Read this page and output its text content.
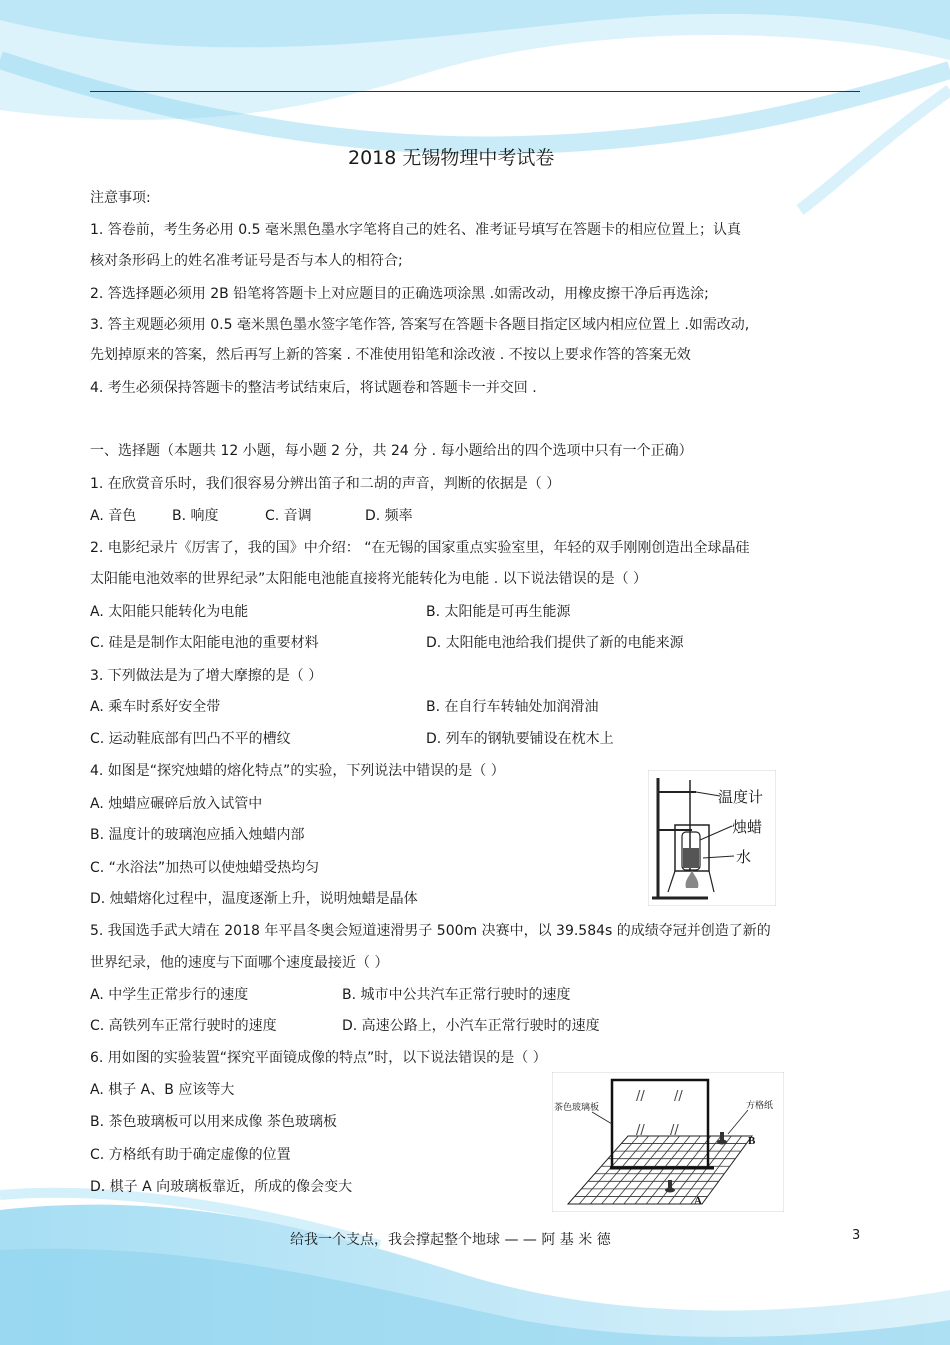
2018 无锡物理中考试卷
注意事项:
1. 答卷前，考生务必用 0.5 毫米黑色墨水字笔将自己的姓名、准考证号填写在答题卡的相应位置上；认真
核对条形码上的姓名准考证号是否与本人的相符合;
2. 答选择题必须用 2B 铅笔将答题卡上对应题目的正确选项涂黑 .如需改动，用橡皮擦干净后再选涂;
3. 答主观题必须用 0.5 毫米黑色墨水签字笔作答, 答案写在答题卡各题目指定区域内相应位置上 .如需改动,
先划掉原来的答案，然后再写上新的答案 . 不准使用铅笔和涂改液 . 不按以上要求作答的答案无效
4. 考生必须保持答题卡的整洁考试结束后，将试题卷和答题卡一并交回 .
一、选择题（本题共 12 小题，每小题 2 分，共 24 分 . 每小题给出的四个选项中只有一个正确）
1. 在欣赏音乐时，我们很容易分辨出笛子和二胡的声音，判断的依据是（ ）
A. 音色	B. 响度	C. 音调	D. 频率
2. 电影纪录片《厉害了，我的国》中介绍： “在无锡的国家重点实验室里，年轻的双手刚刚创造出全球晶硅
太阳能电池效率的世界纪录”太阳能电池能直接将光能转化为电能 . 以下说法错误的是（ ）
A. 太阳能只能转化为电能	B. 太阳能是可再生能源
C. 硅是是制作太阳能电池的重要材料	D. 太阳能电池给我们提供了新的电能来源
3. 下列做法是为了增大摩擦的是（ ）
A. 乘车时系好安全带	B. 在自行车转轴处加润滑油
C. 运动鞋底部有凹凸不平的槽纹	D. 列车的钢轨要铺设在枕木上
4. 如图是“探究烛蜡的熔化特点”的实验，下列说法中错误的是（ ）
A. 烛蜡应碾碎后放入试管中
B. 温度计的玻璃泡应插入烛蜡内部
C. “水浴法”加热可以使烛蜡受热均匀
D. 烛蜡熔化过程中，温度逐渐上升，说明烛蜡是晶体
温度计
烛蜡
水
5. 我国选手武大靖在 2018 年平昌冬奥会短道速滑男子 500m 决赛中，以 39.584s 的成绩夺冠并创造了新的
世界纪录，他的速度与下面哪个速度最接近（ ）
A. 中学生正常步行的速度	B. 城市中公共汽车正常行驶时的速度
C. 高铁列车正常行驶时的速度	D. 高速公路上，小汽车正常行驶时的速度
6. 用如图的实验装置“探究平面镜成像的特点”时，以下说法错误的是（ ）
A. 棋子 A、B 应该等大
B. 茶色玻璃板可以用来成像 茶色玻璃板
C. 方格纸有助于确定虚像的位置
D. 棋子 A 向玻璃板靠近，所成的像会变大
// //
// //
茶色玻璃板	方格纸
B
A
给我一个支点，我会撑起整个地球 — — 阿 基 米 德	3
